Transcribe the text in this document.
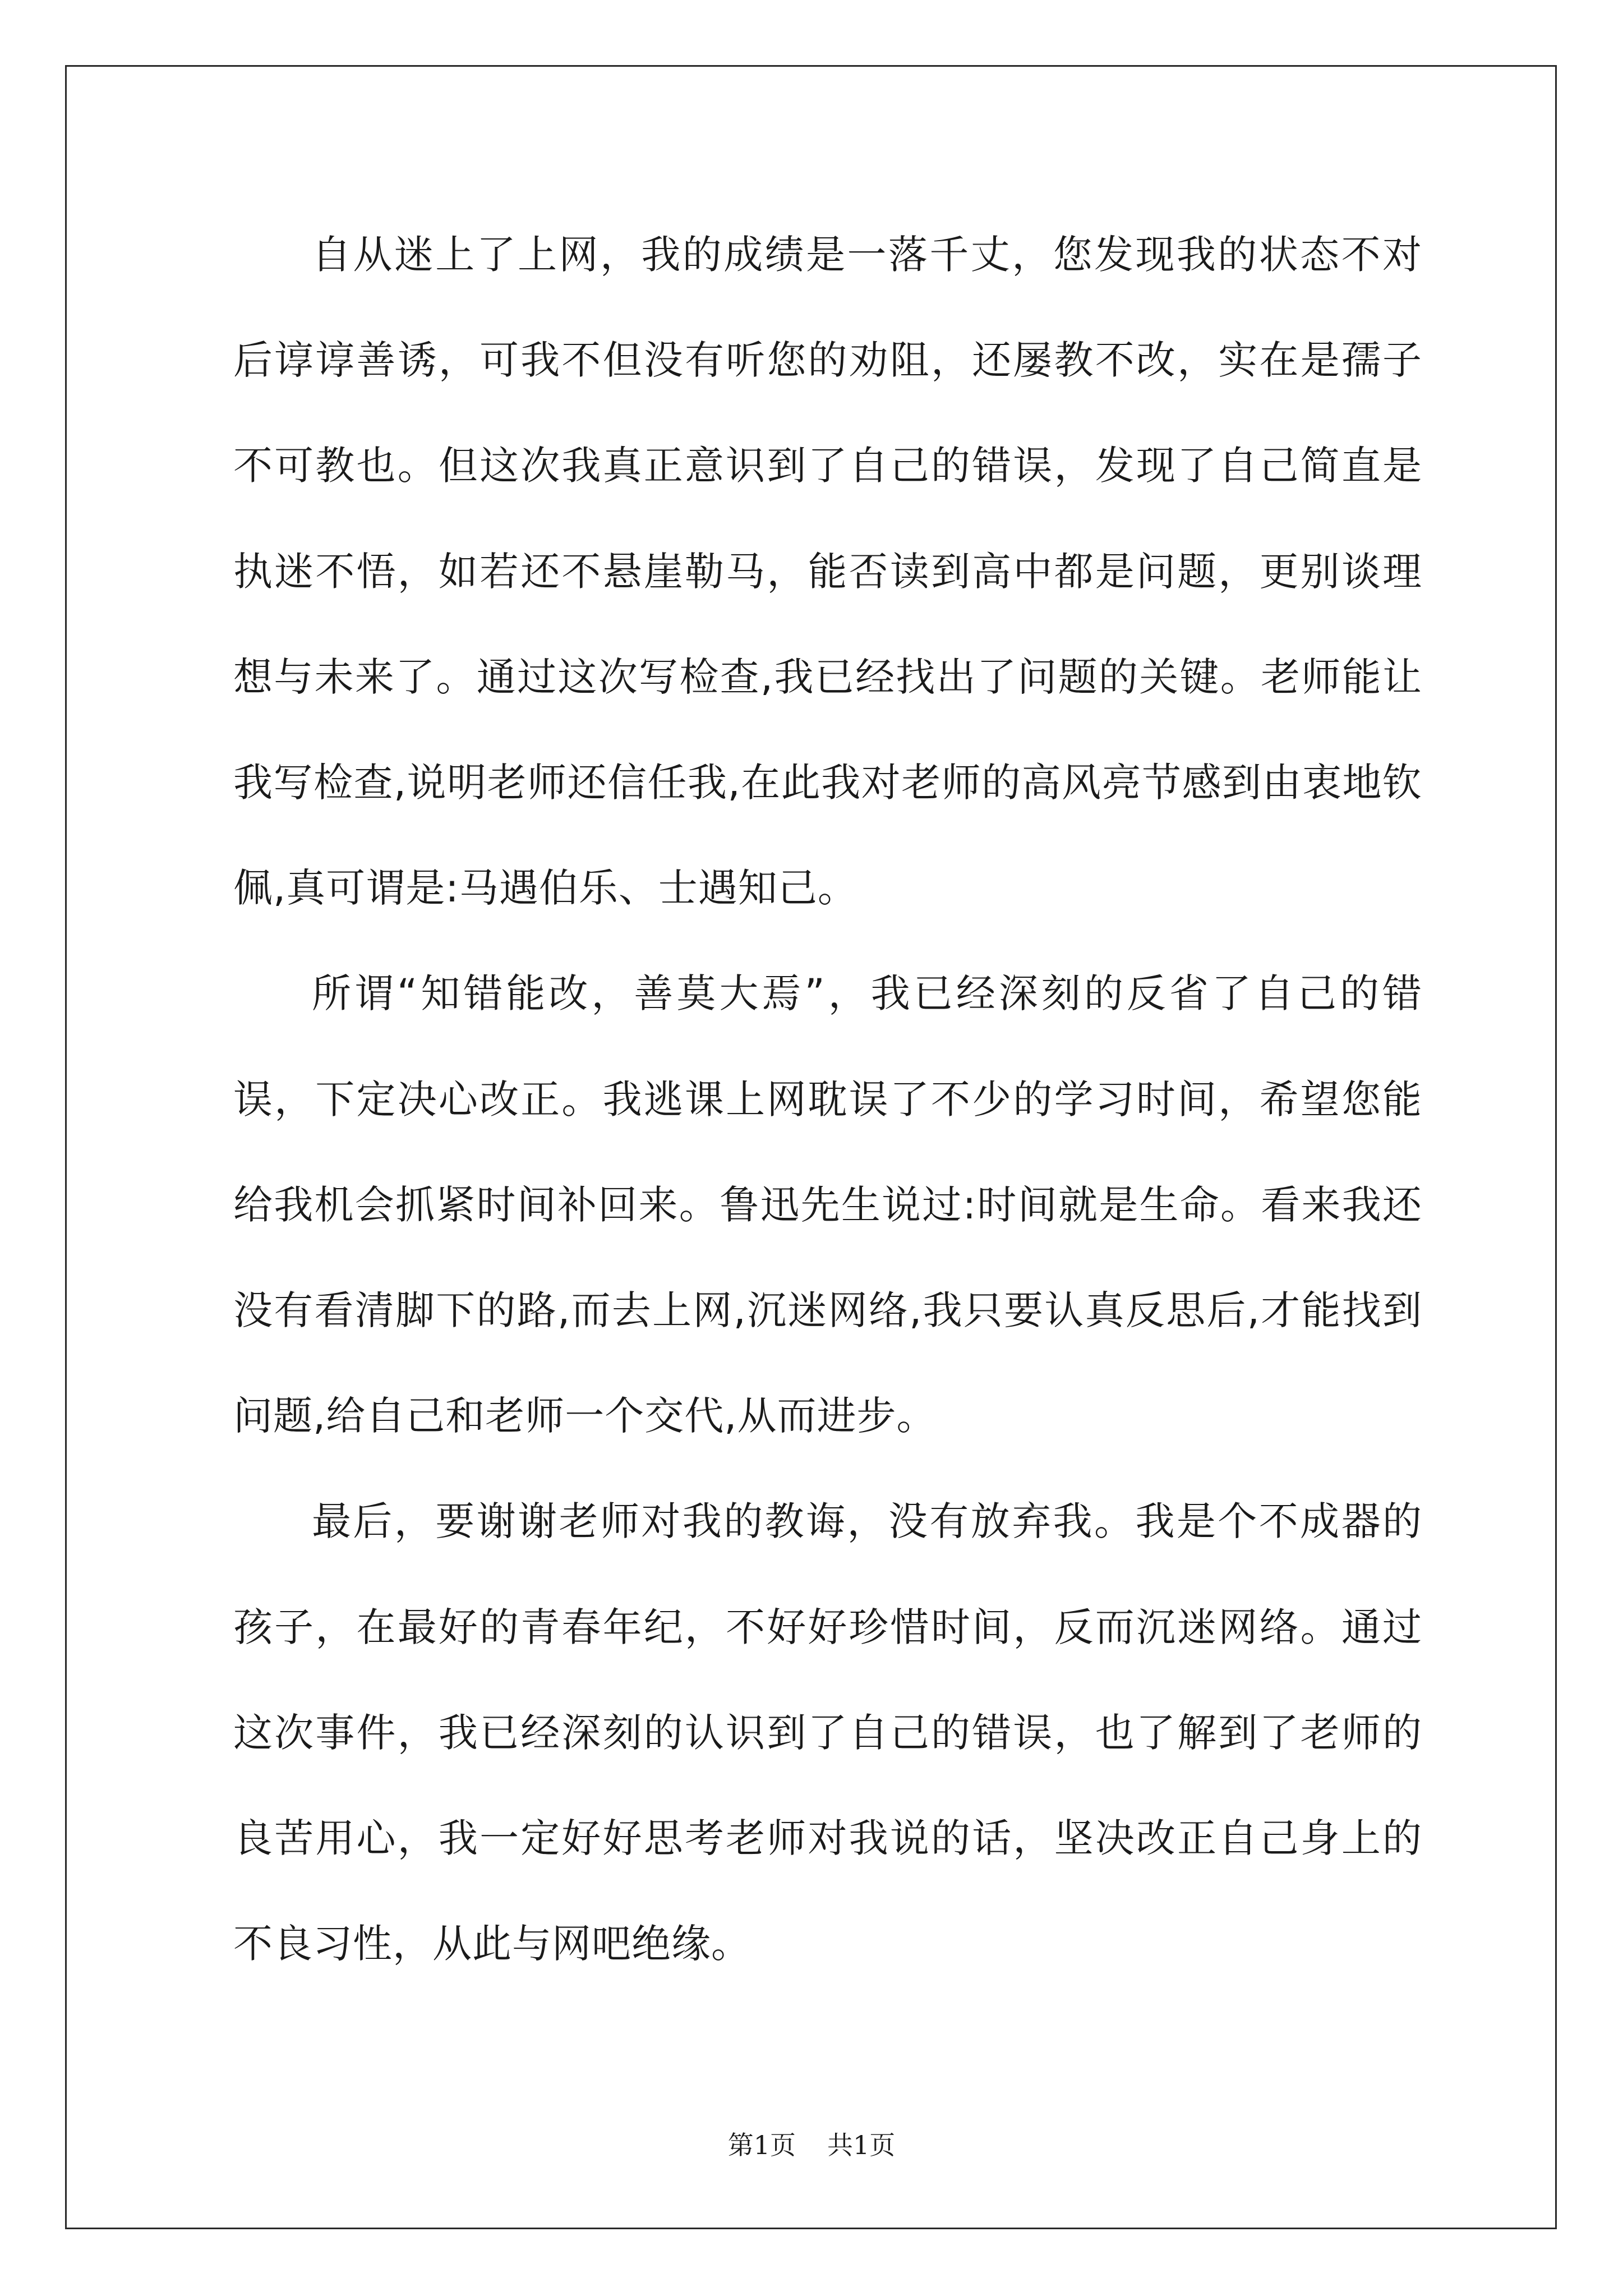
自从迷上了上网，我的成绩是一落千丈，您发现我的状态不对后谆谆善诱，可我不但没有听您的劝阻，还屡教不改，实在是孺子不可教也。但这次我真正意识到了自己的错误，发现了自己简直是执迷不悟，如若还不悬崖勒马，能否读到高中都是问题，更别谈理想与未来了。通过这次写检查,我已经找出了问题的关键。老师能让我写检查,说明老师还信任我,在此我对老师的高风亮节感到由衷地钦佩,真可谓是:马遇伯乐、士遇知己。

所谓“知错能改，善莫大焉”，我已经深刻的反省了自己的错误，下定决心改正。我逃课上网耽误了不少的学习时间，希望您能给我机会抓紧时间补回来。鲁迅先生说过:时间就是生命。看来我还没有看清脚下的路,而去上网,沉迷网络,我只要认真反思后,才能找到问题,给自己和老师一个交代,从而进步。

最后，要谢谢老师对我的教诲，没有放弃我。我是个不成器的孩子，在最好的青春年纪，不好好珍惜时间，反而沉迷网络。通过这次事件，我已经深刻的认识到了自己的错误，也了解到了老师的良苦用心，我一定好好思考老师对我说的话，坚决改正自己身上的不良习性，从此与网吧绝缘。

第1页 共1页
